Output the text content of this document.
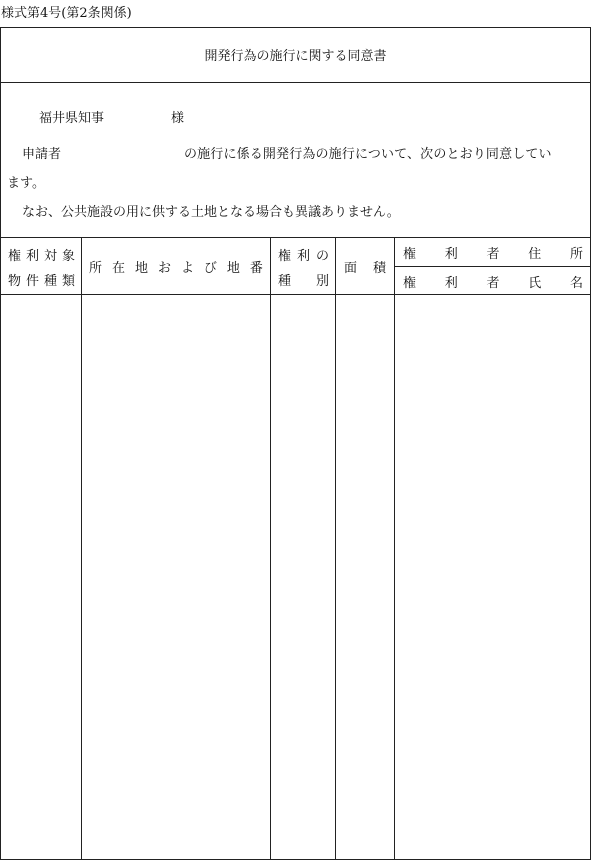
様式第4号(第2条関係)
開発行為の施行に関する同意書
福井県知事	様
申請者	の施行に係る開発行為の施行について、次のとおり同意してい
ます。
なお、公共施設の用に供する土地となる場合も異議ありません。
権 利 対 象
物 件 種 類
所 在 地 お よ び 地 番
権 利 の
種 別
面 積
権 利 者 住 所
権 利 者 氏 名
